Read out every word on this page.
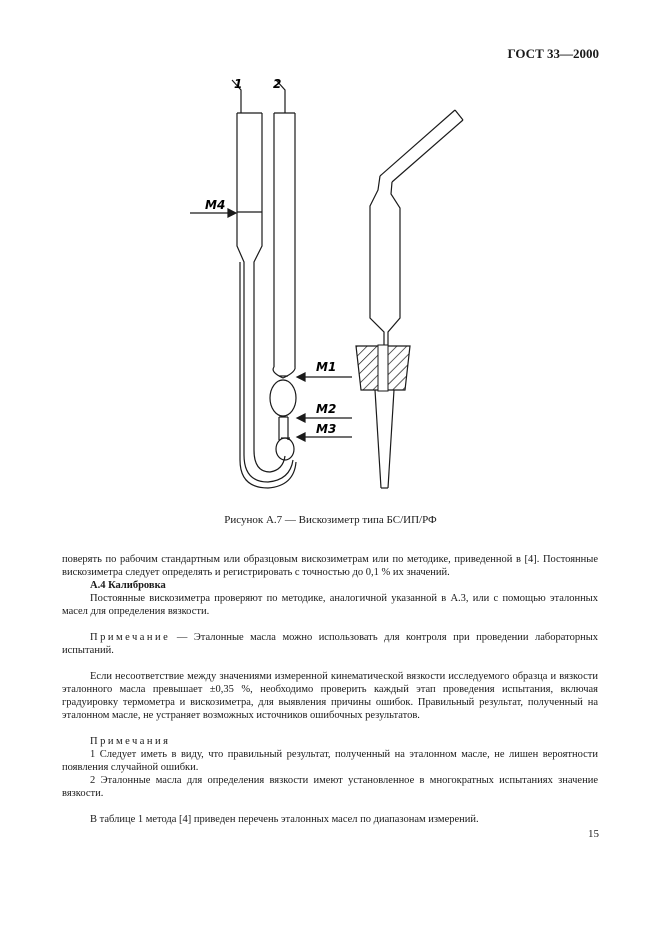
ГОСТ 33—2000
1	2
M4
M1
M2
M3
Рисунок А.7 — Вискозиметр типа БС/ИП/РФ

поверять по рабочим стандартным или образцовым вискозиметрам или по методике, приведенной в [4]. Постоянные вискозиметра следует определять и регистрировать с точностью до 0,1 % их значений.

А.4 Калибровка

Постоянные вискозиметра проверяют по методике, аналогичной указанной в А.3, или с помощью эталонных масел для определения вязкости.

Примечание — Эталонные масла можно использовать для контроля при проведении лабораторных испытаний.

Если несоответствие между значениями измеренной кинематической вязкости исследуемого образца и вязкости эталонного масла превышает ±0,35 %, необходимо проверить каждый этап проведения испытания, включая градуировку термометра и вискозиметра, для выявления причины ошибок. Правильный результат, полученный на эталонном масле, не устраняет возможных источников ошибочных результатов.

Примечания

1 Следует иметь в виду, что правильный результат, полученный на эталонном масле, не лишен вероятности появления случайной ошибки.

2 Эталонные масла для определения вязкости имеют установленное в многократных испытаниях значение вязкости.

В таблице 1 метода [4] приведен перечень эталонных масел по диапазонам измерений.

15
